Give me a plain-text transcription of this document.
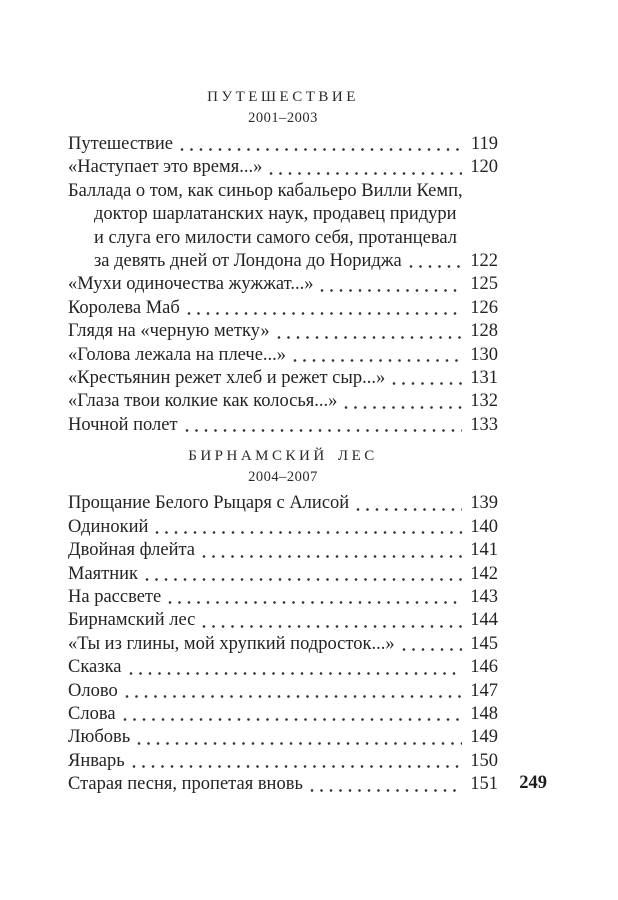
ПУТЕШЕСТВИЕ
2001–2003
Путешествие	119
«Наступает это время...»	120
Баллада о том, как синьор кабальеро Вилли Кемп,
доктор шарлатанских наук, продавец придури
и слуга его милости самого себя, протанцевал
за девять дней от Лондона до Нориджа	122
«Мухи одиночества жужжат...»	125
Королева Маб	126
Глядя на «черную метку»	128
«Голова лежала на плече...»	130
«Крестьянин режет хлеб и режет сыр...»	131
«Глаза твои колкие как колосья...»	132
Ночной полет	133
БИРНАМСКИЙ ЛЕС
2004–2007
Прощание Белого Рыцаря с Алисой	139
Одинокий	140
Двойная флейта	141
Маятник	142
На рассвете	143
Бирнамский лес	144
«Ты из глины, мой хрупкий подросток...»	145
Сказка	146
Олово	147
Слова	148
Любовь	149
Январь	150
Старая песня, пропетая вновь	151 249
